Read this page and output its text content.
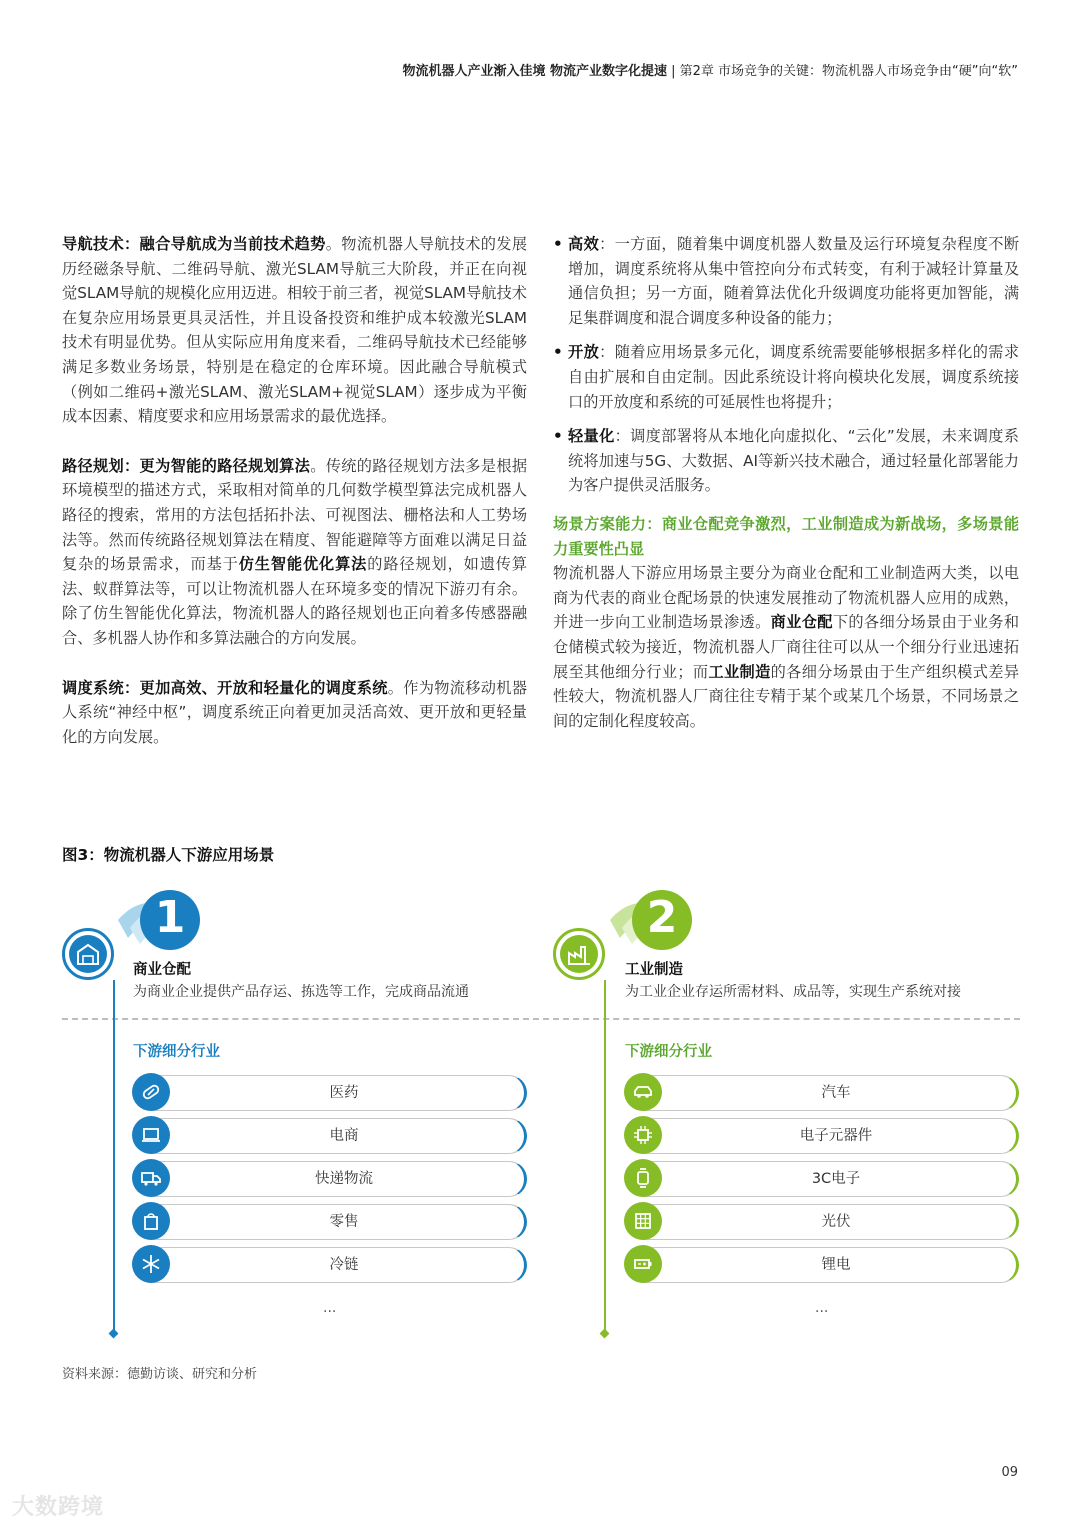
物流机器人产业渐入佳境 物流产业数字化提速 | 第2章 市场竞争的关键：物流机器人市场竞争由“硬”向“软”

导航技术：融合导航成为当前技术趋势。物流机器人导航技术的发展历经磁条导航、二维码导航、激光SLAM导航三大阶段，并正在向视觉SLAM导航的规模化应用迈进。相较于前三者，视觉SLAM导航技术在复杂应用场景更具灵活性，并且设备投资和维护成本较激光SLAM技术有明显优势。但从实际应用角度来看，二维码导航技术已经能够满足多数业务场景，特别是在稳定的仓库环境。因此融合导航模式（例如二维码+激光SLAM、激光SLAM+视觉SLAM）逐步成为平衡成本因素、精度要求和应用场景需求的最优选择。

路径规划：更为智能的路径规划算法。传统的路径规划方法多是根据环境模型的描述方式，采取相对简单的几何数学模型算法完成机器人路径的搜索，常用的方法包括拓扑法、可视图法、栅格法和人工势场法等。然而传统路径规划算法在精度、智能避障等方面难以满足日益复杂的场景需求，而基于仿生智能优化算法的路径规划，如遗传算法、蚁群算法等，可以让物流机器人在环境多变的情况下游刃有余。除了仿生智能优化算法，物流机器人的路径规划也正向着多传感器融合、多机器人协作和多算法融合的方向发展。

调度系统：更加高效、开放和轻量化的调度系统。作为物流移动机器人系统“神经中枢”，调度系统正向着更加灵活高效、更开放和更轻量化的方向发展。

• 高效：一方面，随着集中调度机器人数量及运行环境复杂程度不断增加，调度系统将从集中管控向分布式转变，有利于减轻计算量及通信负担；另一方面，随着算法优化升级调度功能将更加智能，满足集群调度和混合调度多种设备的能力；

• 开放：随着应用场景多元化，调度系统需要能够根据多样化的需求自由扩展和自由定制。因此系统设计将向模块化发展，调度系统接口的开放度和系统的可延展性也将提升；

• 轻量化：调度部署将从本地化向虚拟化、“云化”发展，未来调度系统将加速与5G、大数据、AI等新兴技术融合，通过轻量化部署能力为客户提供灵活服务。

场景方案能力：商业仓配竞争激烈，工业制造成为新战场，多场景能力重要性凸显

物流机器人下游应用场景主要分为商业仓配和工业制造两大类，以电商为代表的商业仓配场景的快速发展推动了物流机器人应用的成熟，并进一步向工业制造场景渗透。商业仓配下的各细分场景由于业务和仓储模式较为接近，物流机器人厂商往往可以从一个细分行业迅速拓展至其他细分行业；而工业制造的各细分场景由于生产组织模式差异性较大，物流机器人厂商往往专精于某个或某几个场景，不同场景之间的定制化程度较高。

图3：物流机器人下游应用场景
1
商业仓配
为商业企业提供产品存运、拣选等工作，完成商品流通
2
工业制造
为工业企业存运所需材料、成品等，实现生产系统对接
下游细分行业	下游细分行业
医药
电商
快递物流
零售
冷链
...
汽车
电子元器件
3C电子
光伏
锂电
...
资料来源：德勤访谈、研究和分析
09
大数跨境
